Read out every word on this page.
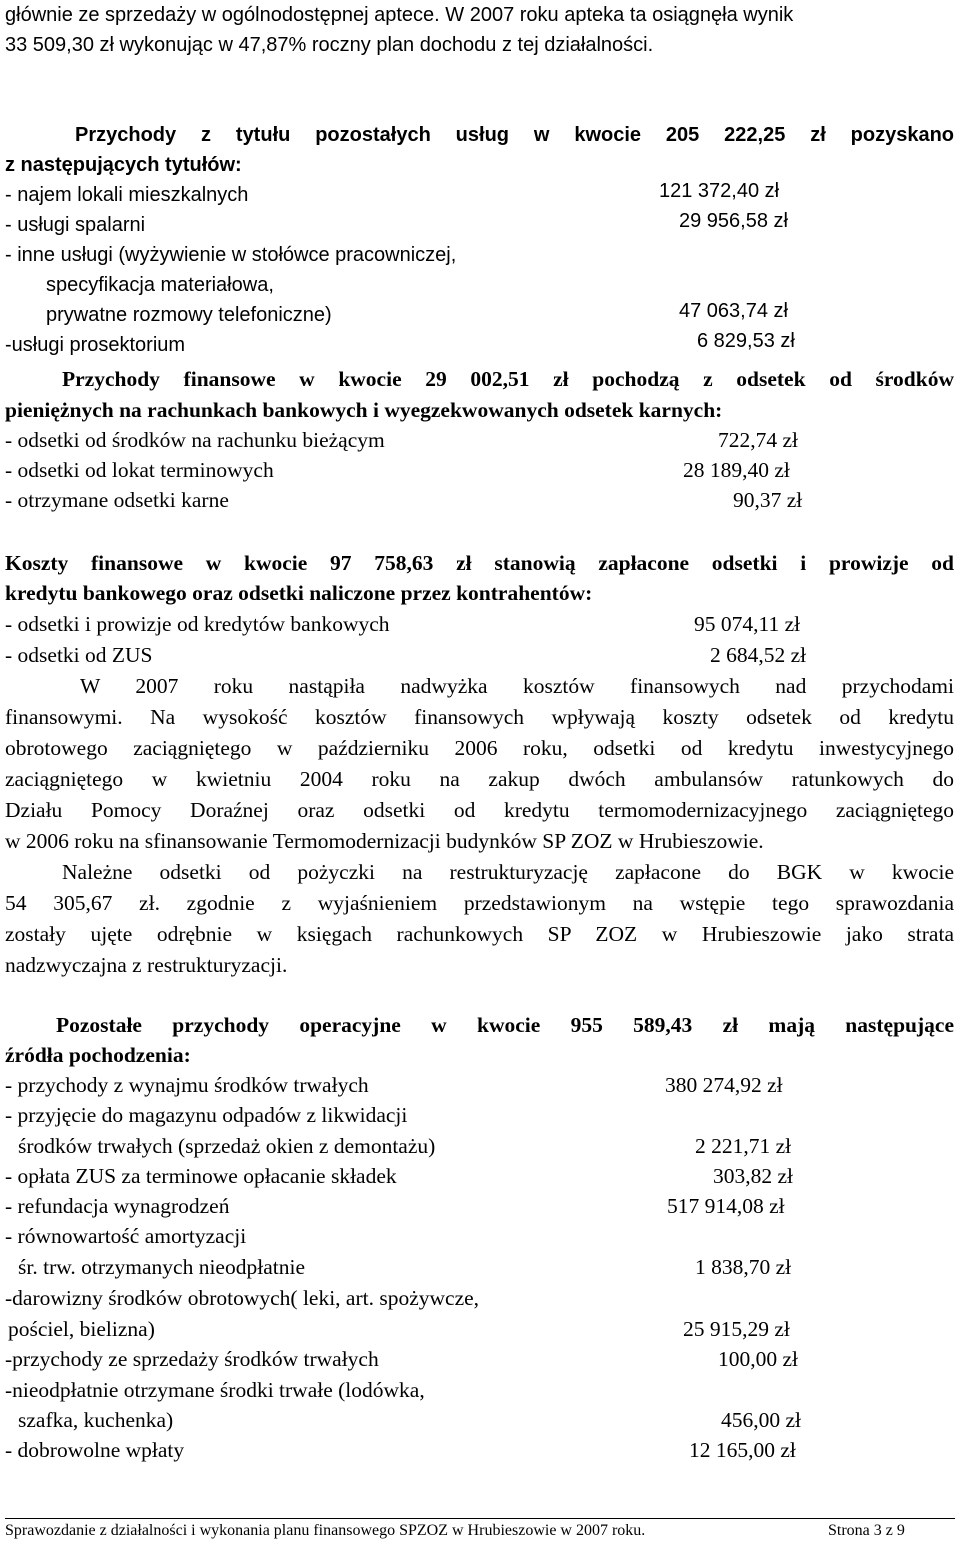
głównie ze sprzedaży w ogólnodostępnej aptece. W 2007 roku apteka ta osiągnęła wynik
33 509,30 zł wykonując w 47,87% roczny plan dochodu z tej działalności.
Przychody z tytułu pozostałych usług w kwocie 205 222,25 zł pozyskano
z następujących tytułów:
- najem lokali mieszkalnych	121 372,40 zł
- usługi spalarni	29 956,58 zł
- inne usługi (wyżywienie w stołówce pracowniczej,
specyfikacja materiałowa,
prywatne rozmowy telefoniczne)	47 063,74 zł
-usługi prosektorium	6 829,53 zł
Przychody finansowe w kwocie 29 002,51 zł pochodzą z odsetek od środków
pieniężnych na rachunkach bankowych i wyegzekwowanych odsetek karnych:
- odsetki od środków na rachunku bieżącym	722,74 zł
- odsetki od lokat terminowych	28 189,40 zł
- otrzymane odsetki karne	90,37 zł
Koszty finansowe w kwocie 97 758,63 zł stanowią zapłacone odsetki i prowizje od
kredytu bankowego oraz odsetki naliczone przez kontrahentów:
- odsetki i prowizje od kredytów bankowych	95 074,11 zł
- odsetki od ZUS	2 684,52 zł
W 2007 roku nastąpiła nadwyżka kosztów finansowych nad przychodami
finansowymi. Na wysokość kosztów finansowych wpływają koszty odsetek od kredytu
obrotowego zaciągniętego w październiku 2006 roku, odsetki od kredytu inwestycyjnego
zaciągniętego w kwietniu 2004 roku na zakup dwóch ambulansów ratunkowych do
Działu Pomocy Doraźnej oraz odsetki od kredytu termomodernizacyjnego zaciągniętego
w 2006 roku na sfinansowanie Termomodernizacji budynków SP ZOZ w Hrubieszowie.
Należne odsetki od pożyczki na restrukturyzację zapłacone do BGK w kwocie
54 305,67 zł. zgodnie z wyjaśnieniem przedstawionym na wstępie tego sprawozdania
zostały ujęte odrębnie w księgach rachunkowych SP ZOZ w Hrubieszowie jako strata
nadzwyczajna z restrukturyzacji.
Pozostałe przychody operacyjne w kwocie 955 589,43 zł mają następujące
źródła pochodzenia:
- przychody z wynajmu środków trwałych	380 274,92 zł
- przyjęcie do magazynu odpadów z likwidacji
środków trwałych (sprzedaż okien z demontażu)	2 221,71 zł
- opłata ZUS za terminowe opłacanie składek	303,82 zł
- refundacja wynagrodzeń	517 914,08 zł
- równowartość amortyzacji
śr. trw. otrzymanych nieodpłatnie	1 838,70 zł
-darowizny środków obrotowych( leki, art. spożywcze,
pościel, bielizna)	25 915,29 zł
-przychody ze sprzedaży środków trwałych	100,00 zł
-nieodpłatnie otrzymane środki trwałe (lodówka,
szafka, kuchenka)	456,00 zł
- dobrowolne wpłaty	12 165,00 zł
Sprawozdanie z działalności i wykonania planu finansowego SPZOZ w Hrubieszowie w 2007 roku.	Strona 3 z 9
